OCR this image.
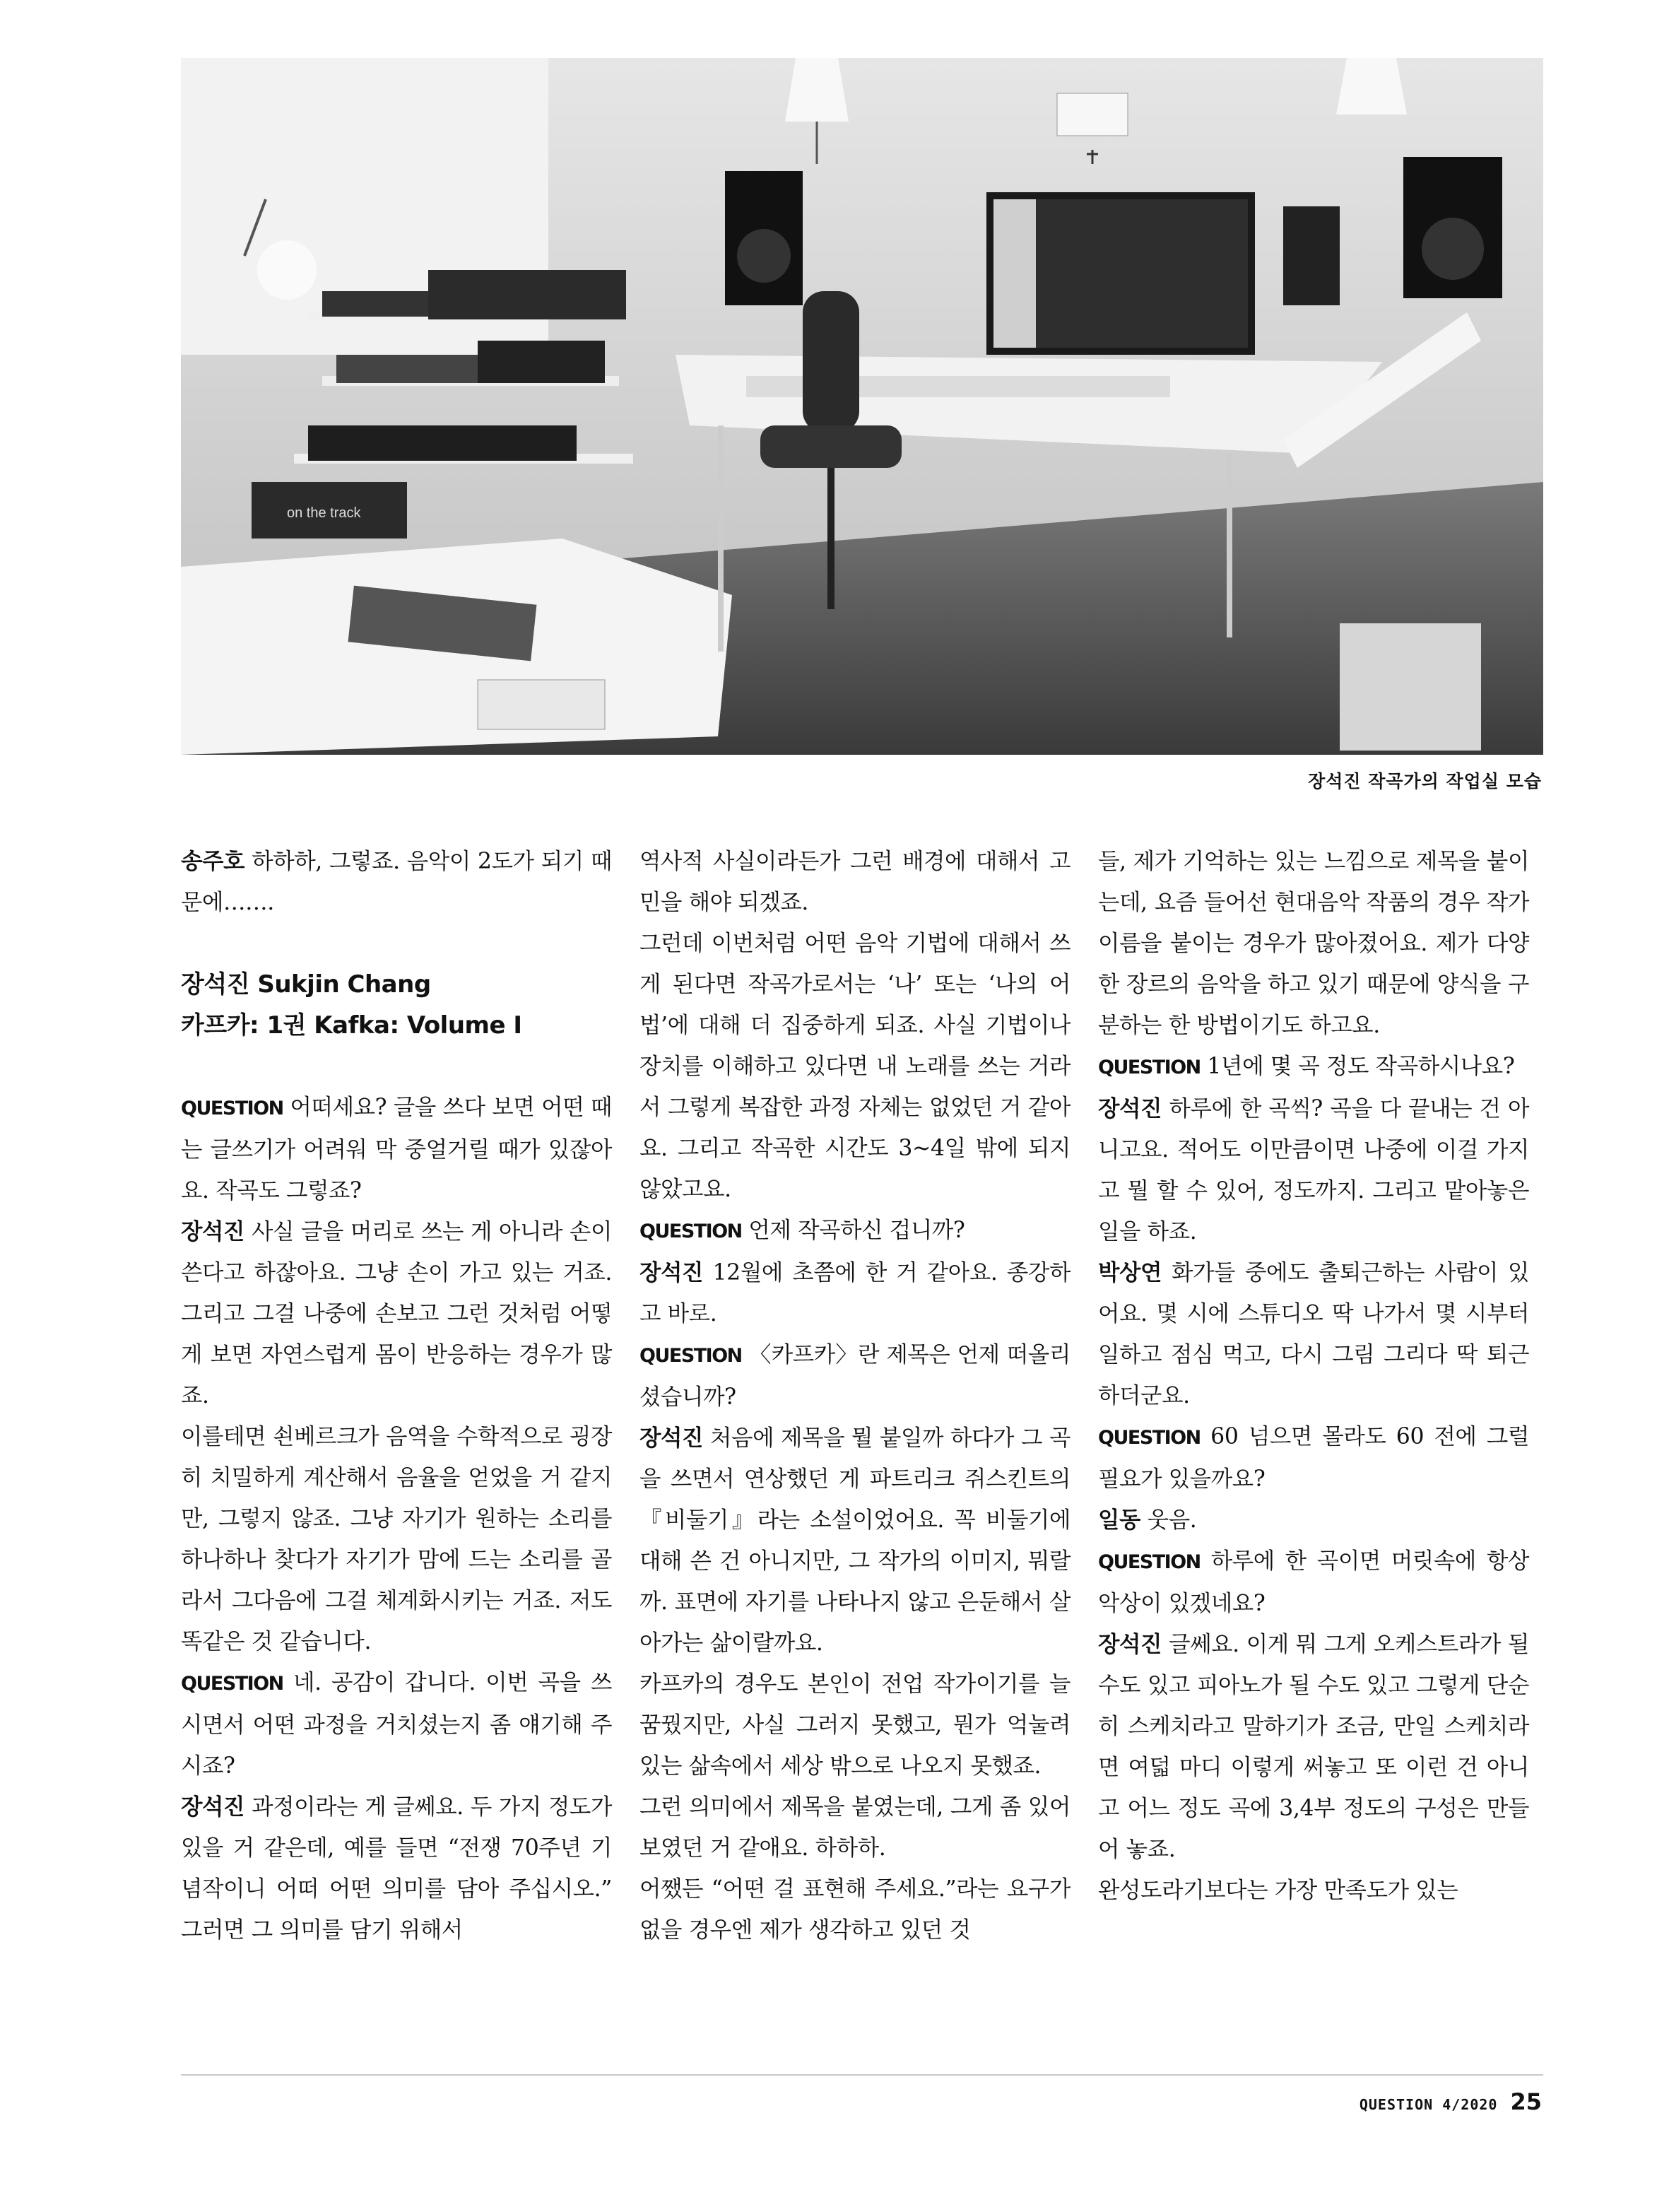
on the track
장석진 작곡가의 작업실 모습

송주호 하하하, 그렇죠. 음악이 2도가 되기 때문에…….

장석진 Sukjin Chang

카프카: 1권 Kafka: Volume I

QUESTION 어떠세요? 글을 쓰다 보면 어떤 때는 글쓰기가 어려워 막 중얼거릴 때가 있잖아요. 작곡도 그렇죠?

장석진 사실 글을 머리로 쓰는 게 아니라 손이 쓴다고 하잖아요. 그냥 손이 가고 있는 거죠. 그리고 그걸 나중에 손보고 그런 것처럼 어떻게 보면 자연스럽게 몸이 반응하는 경우가 많죠.

이를테면 쇤베르크가 음역을 수학적으로 굉장히 치밀하게 계산해서 음율을 얻었을 거 같지만, 그렇지 않죠. 그냥 자기가 원하는 소리를 하나하나 찾다가 자기가 맘에 드는 소리를 골라서 그다음에 그걸 체계화시키는 거죠. 저도 똑같은 것 같습니다.

QUESTION 네. 공감이 갑니다. 이번 곡을 쓰시면서 어떤 과정을 거치셨는지 좀 얘기해 주시죠?

장석진 과정이라는 게 글쎄요. 두 가지 정도가 있을 거 같은데, 예를 들면 “전쟁 70주년 기념작이니 어떠 어떤 의미를 담아 주십시오.” 그러면 그 의미를 담기 위해서

역사적 사실이라든가 그런 배경에 대해서 고민을 해야 되겠죠.

그런데 이번처럼 어떤 음악 기법에 대해서 쓰게 된다면 작곡가로서는 ‘나’ 또는 ‘나의 어법’에 대해 더 집중하게 되죠. 사실 기법이나 장치를 이해하고 있다면 내 노래를 쓰는 거라서 그렇게 복잡한 과정 자체는 없었던 거 같아요. 그리고 작곡한 시간도 3~4일 밖에 되지 않았고요.

QUESTION 언제 작곡하신 겁니까?

장석진 12월에 초쯤에 한 거 같아요. 종강하고 바로.

QUESTION 〈카프카〉란 제목은 언제 떠올리셨습니까?

장석진 처음에 제목을 뭘 붙일까 하다가 그 곡을 쓰면서 연상했던 게 파트리크 쥐스킨트의 『비둘기』라는 소설이었어요. 꼭 비둘기에 대해 쓴 건 아니지만, 그 작가의 이미지, 뭐랄까. 표면에 자기를 나타나지 않고 은둔해서 살아가는 삶이랄까요.

카프카의 경우도 본인이 전업 작가이기를 늘 꿈꿨지만, 사실 그러지 못했고, 뭔가 억눌려 있는 삶속에서 세상 밖으로 나오지 못했죠.

그런 의미에서 제목을 붙였는데, 그게 좀 있어 보였던 거 같애요. 하하하.

어쨌든 “어떤 걸 표현해 주세요.”라는 요구가 없을 경우엔 제가 생각하고 있던 것

들, 제가 기억하는 있는 느낌으로 제목을 붙이는데, 요즘 들어선 현대음악 작품의 경우 작가 이름을 붙이는 경우가 많아졌어요. 제가 다양한 장르의 음악을 하고 있기 때문에 양식을 구분하는 한 방법이기도 하고요.

QUESTION 1년에 몇 곡 정도 작곡하시나요?

장석진 하루에 한 곡씩? 곡을 다 끝내는 건 아니고요. 적어도 이만큼이면 나중에 이걸 가지고 뭘 할 수 있어, 정도까지. 그리고 맡아놓은 일을 하죠.

박상연 화가들 중에도 출퇴근하는 사람이 있어요. 몇 시에 스튜디오 딱 나가서 몇 시부터 일하고 점심 먹고, 다시 그림 그리다 딱 퇴근하더군요.

QUESTION 60 넘으면 몰라도 60 전에 그럴 필요가 있을까요?

일동 웃음.

QUESTION 하루에 한 곡이면 머릿속에 항상 악상이 있겠네요?

장석진 글쎄요. 이게 뭐 그게 오케스트라가 될 수도 있고 피아노가 될 수도 있고 그렇게 단순히 스케치라고 말하기가 조금, 만일 스케치라면 여덟 마디 이렇게 써놓고 또 이런 건 아니고 어느 정도 곡에 3,4부 정도의 구성은 만들어 놓죠.

완성도라기보다는 가장 만족도가 있는

QUESTION 4/2020 25
